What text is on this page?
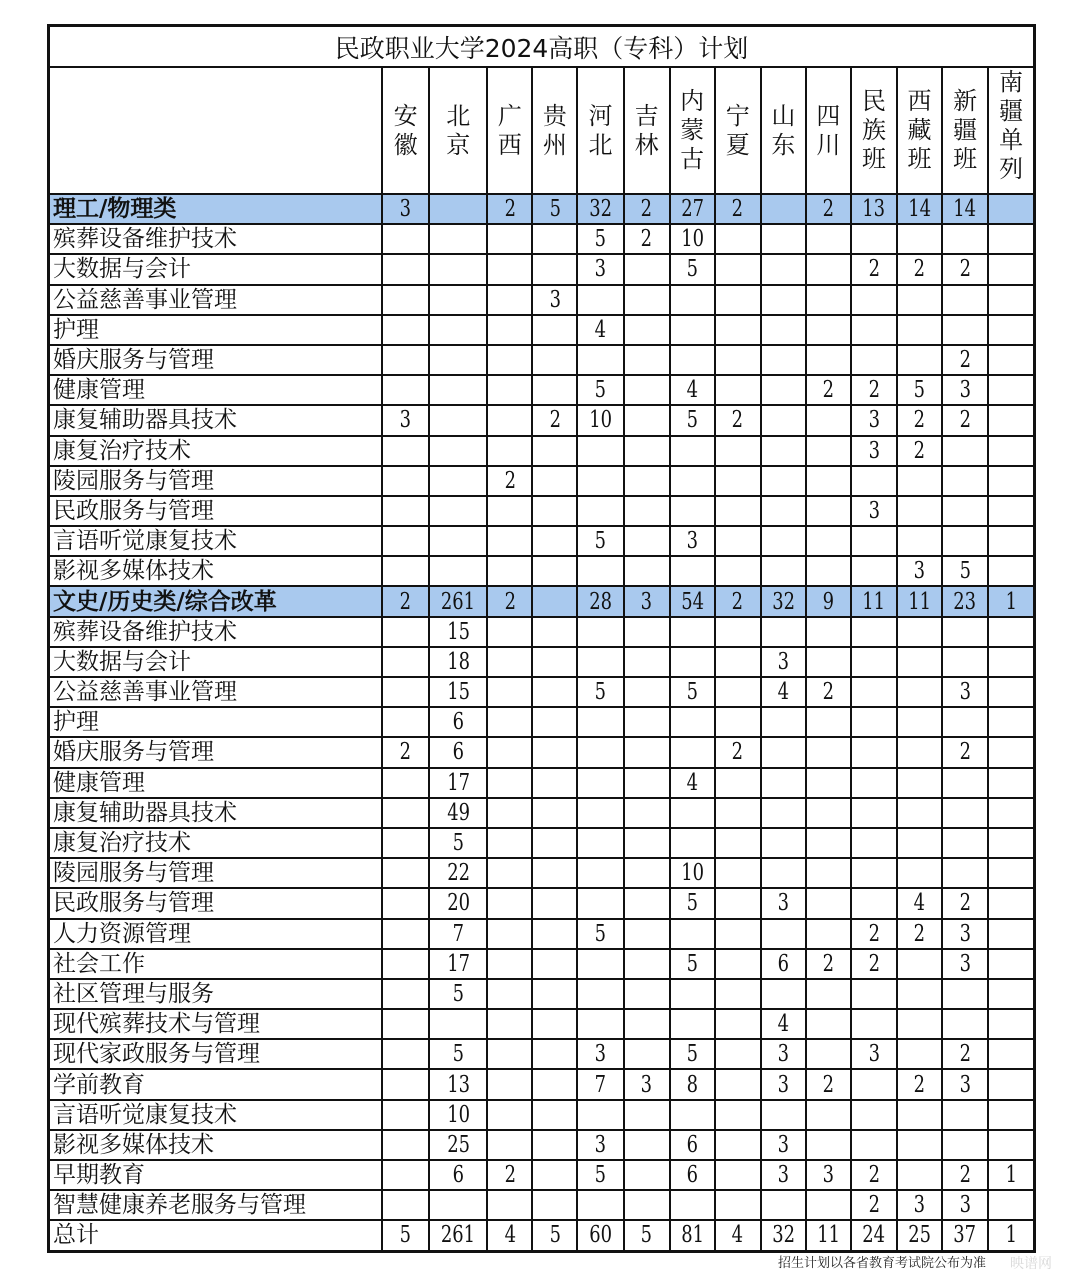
民政职业大学2024高职（专科）计划														
	安徽	北京	广西	贵州	河北	吉林	内蒙古	宁夏	山东	四川	民族班	西藏班	新疆班	南疆单列
理工/物理类	3		2	5	32	2	27	2		2	13	14	14	
殡葬设备维护技术					5	2	10							
大数据与会计					3		5				2	2	2	
公益慈善事业管理				3										
护理					4									
婚庆服务与管理													2	
健康管理					5		4			2	2	5	3	
康复辅助器具技术	3			2	10		5	2			3	2	2	
康复治疗技术											3	2		
陵园服务与管理			2											
民政服务与管理											3			
言语听觉康复技术					5		3							
影视多媒体技术												3	5	
文史/历史类/综合改革	2	261	2		28	3	54	2	32	9	11	11	23	1
殡葬设备维护技术		15												
大数据与会计		18							3					
公益慈善事业管理		15			5		5		4	2			3	
护理		6												
婚庆服务与管理	2	6						2					2	
健康管理		17					4							
康复辅助器具技术		49												
康复治疗技术		5												
陵园服务与管理		22					10							
民政服务与管理		20					5		3			4	2	
人力资源管理		7			5						2	2	3	
社会工作		17					5		6	2	2		3	
社区管理与服务		5												
现代殡葬技术与管理									4					
现代家政服务与管理		5			3		5		3		3		2	
学前教育		13			7	3	8		3	2		2	3	
言语听觉康复技术		10												
影视多媒体技术		25			3		6		3					
早期教育		6	2		5		6		3	3	2		2	1
智慧健康养老服务与管理											2	3	3	
总计	5	261	4	5	60	5	81	4	32	11	24	25	37	1
招生计划以各省教育考试院公布为准 映谱网
